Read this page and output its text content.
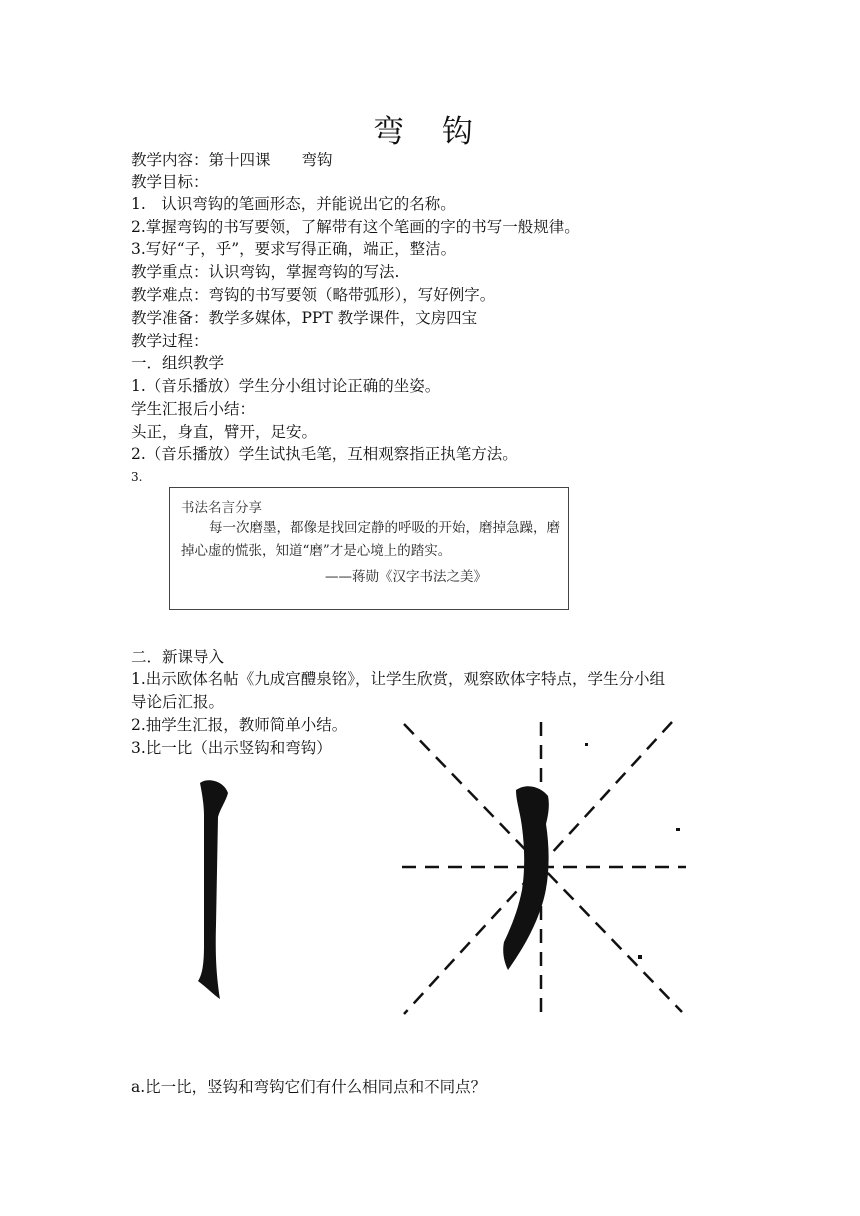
弯 钩
教学内容：第十四课　　弯钩
教学目标：
1.　认识弯钩的笔画形态，并能说出它的名称。
2.掌握弯钩的书写要领，了解带有这个笔画的字的书写一般规律。
3.写好“子，乎”，要求写得正确，端正，整洁。
教学重点：认识弯钩，掌握弯钩的写法.
教学难点：弯钩的书写要领（略带弧形），写好例字。
教学准备：教学多媒体，PPT 教学课件，文房四宝
教学过程：
一．组织教学
1.（音乐播放）学生分小组讨论正确的坐姿。
学生汇报后小结：
头正，身直，臂开，足安。
2.（音乐播放）学生试执毛笔，互相观察指正执笔方法。
3.
书法名言分享
每一次磨墨，都像是找回定静的呼吸的开始，磨掉急躁，磨掉心虚的慌张，知道“磨”才是心境上的踏实。
——蒋勋《汉字书法之美》
二．新课导入
1.出示欧体名帖《九成宫醴泉铭》，让学生欣赏，观察欧体字特点，学生分小组
导论后汇报。
2.抽学生汇报，教师简单小结。
3.比一比（出示竖钩和弯钩）
a.比一比，竖钩和弯钩它们有什么相同点和不同点？
